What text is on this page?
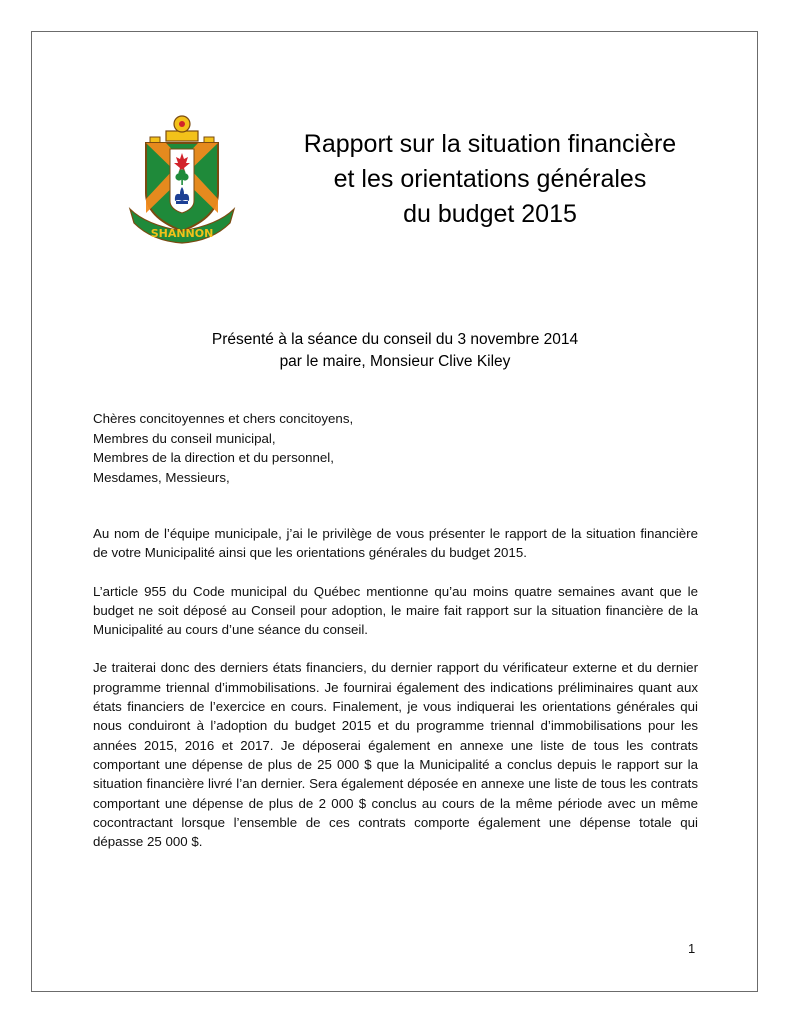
SHANNON
Rapport sur la situation financière
et les orientations générales
du budget 2015
Présenté à la séance du conseil du 3 novembre 2014
par le maire, Monsieur Clive Kiley
Chères concitoyennes et chers concitoyens,
Membres du conseil municipal,
Membres de la direction et du personnel,
Mesdames, Messieurs,

Au nom de l’équipe municipale, j’ai le privilège de vous présenter le rapport de la situation financière de votre Municipalité ainsi que les orientations générales du budget 2015.

L’article 955 du Code municipal du Québec mentionne qu’au moins quatre semaines avant que le budget ne soit déposé au Conseil pour adoption, le maire fait rapport sur la situation financière de la Municipalité au cours d’une séance du conseil.

Je traiterai donc des derniers états financiers, du dernier rapport du vérificateur externe et du dernier programme triennal d’immobilisations. Je fournirai également des indications préliminaires quant aux états financiers de l’exercice en cours. Finalement, je vous indiquerai les orientations générales qui nous conduiront à l’adoption du budget 2015 et du programme triennal d’immobilisations pour les années 2015, 2016 et 2017. Je déposerai également en annexe une liste de tous les contrats comportant une dépense de plus de 25 000 $ que la Municipalité a conclus depuis le rapport sur la situation financière livré l’an dernier. Sera également déposée en annexe une liste de tous les contrats comportant une dépense de plus de 2 000 $ conclus au cours de la même période avec un même cocontractant lorsque l’ensemble de ces contrats comporte également une dépense totale qui dépasse 25 000 $.

1
